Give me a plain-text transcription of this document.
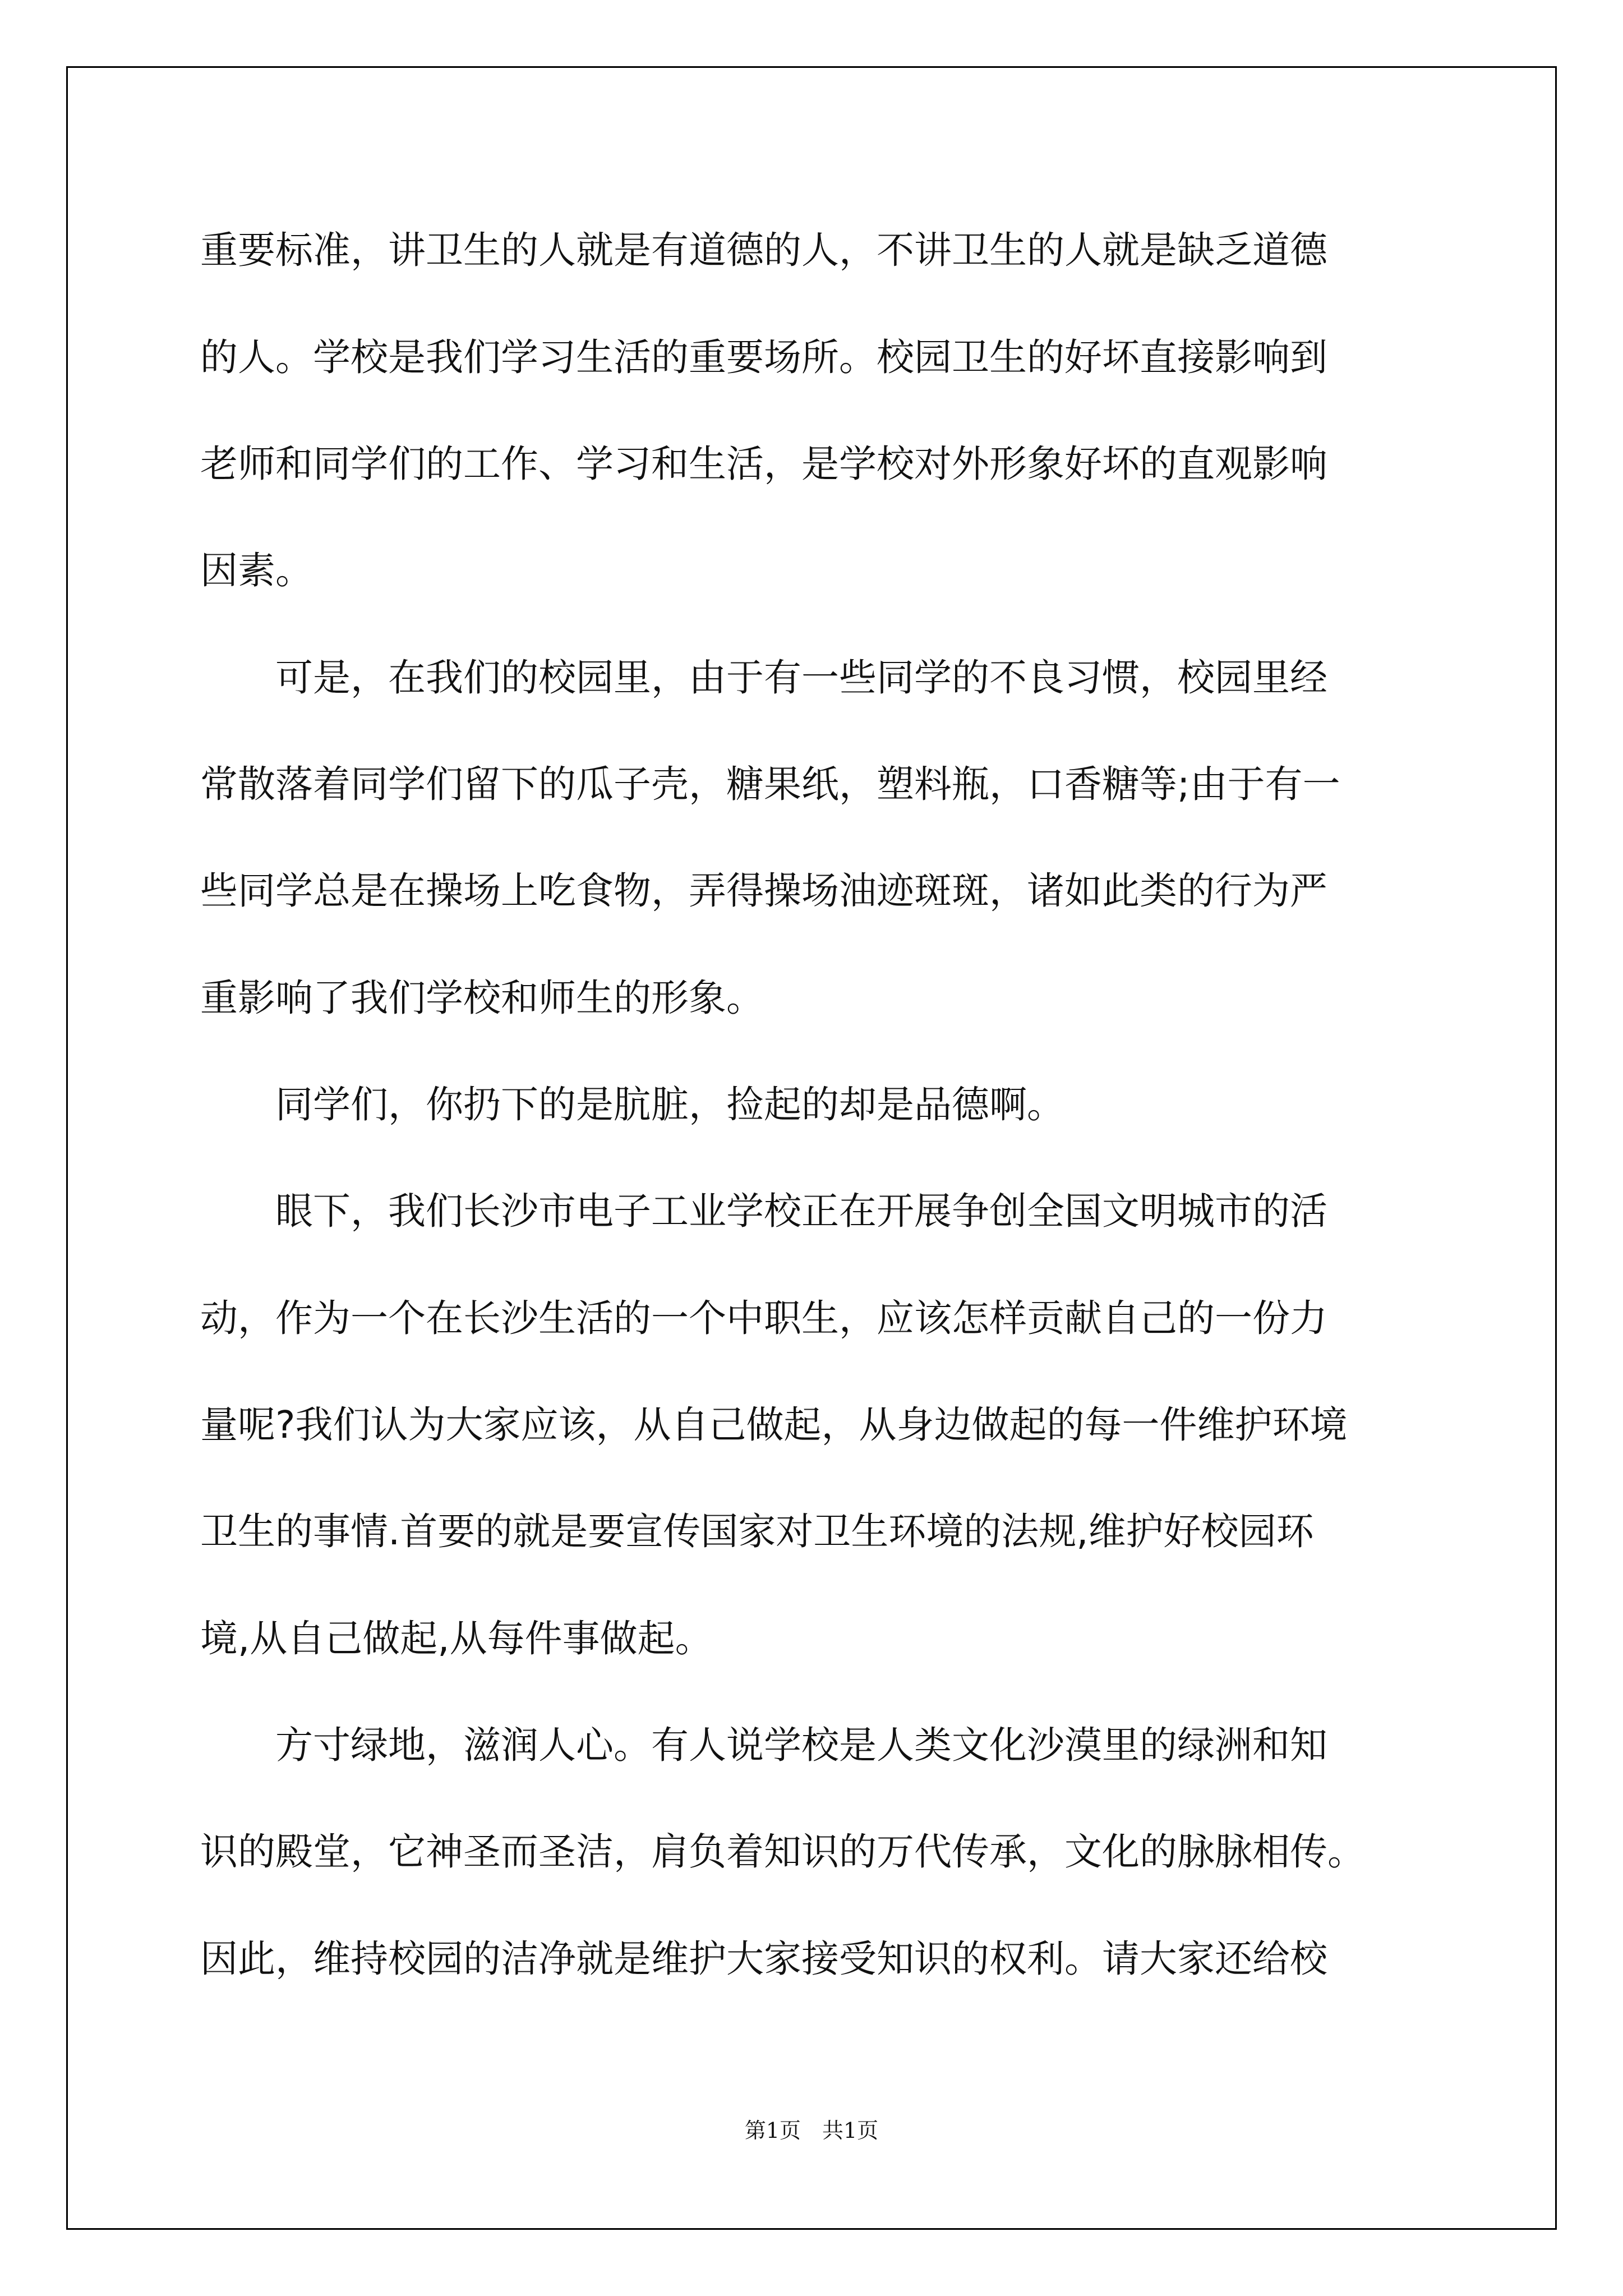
重要标准，讲卫生的人就是有道德的人，不讲卫生的人就是缺乏道德

的人。学校是我们学习生活的重要场所。校园卫生的好坏直接影响到

老师和同学们的工作、学习和生活，是学校对外形象好坏的直观影响

因素。

　　可是，在我们的校园里，由于有一些同学的不良习惯，校园里经

常散落着同学们留下的瓜子壳，糖果纸，塑料瓶，口香糖等;由于有一

些同学总是在操场上吃食物，弄得操场油迹斑斑，诸如此类的行为严

重影响了我们学校和师生的形象。

　　同学们，你扔下的是肮脏，捡起的却是品德啊。

　　眼下，我们长沙市电子工业学校正在开展争创全国文明城市的活

动，作为一个在长沙生活的一个中职生，应该怎样贡献自己的一份力

量呢?我们认为大家应该，从自己做起，从身边做起的每一件维护环境

卫生的事情.首要的就是要宣传国家对卫生环境的法规,维护好校园环

境,从自己做起,从每件事做起。

　　方寸绿地，滋润人心。有人说学校是人类文化沙漠里的绿洲和知

识的殿堂，它神圣而圣洁，肩负着知识的万代传承，文化的脉脉相传。

因此，维持校园的洁净就是维护大家接受知识的权利。请大家还给校

第1页　共1页
